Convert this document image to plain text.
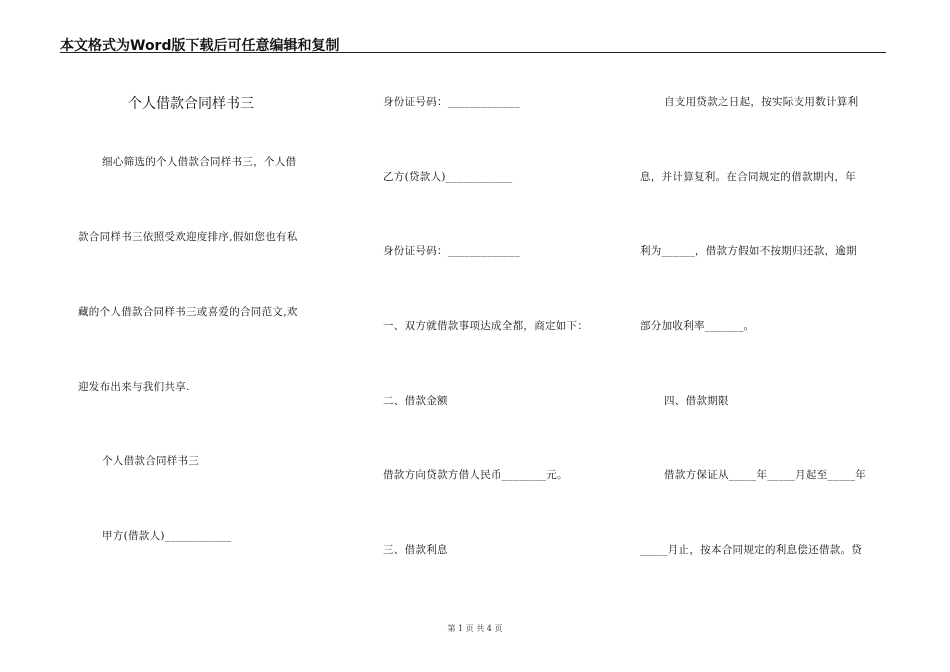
本文格式为Word版下载后可任意编辑和复制
个人借款合同样书三
细心筛选的个人借款合同样书三，个人借
款合同样书三依照受欢迎度排序,假如您也有私
藏的个人借款合同样书三或喜爱的合同范文,欢
迎发布出来与我们共享.
个人借款合同样书三
甲方(借款人)____________
身份证号码：_____________
乙方(贷款人)____________
身份证号码：_____________
一、双方就借款事项达成全都，商定如下：
二、借款金额
借款方向贷款方借人民币________元。
三、借款利息
自支用贷款之日起，按实际支用数计算利
息，并计算复利。在合同规定的借款期内，年
利为______，借款方假如不按期归还款，逾期
部分加收利率_______。
四、借款期限
借款方保证从_____年_____月起至_____年
_____月止，按本合同规定的利息偿还借款。贷
第 1 页 共 4 页
